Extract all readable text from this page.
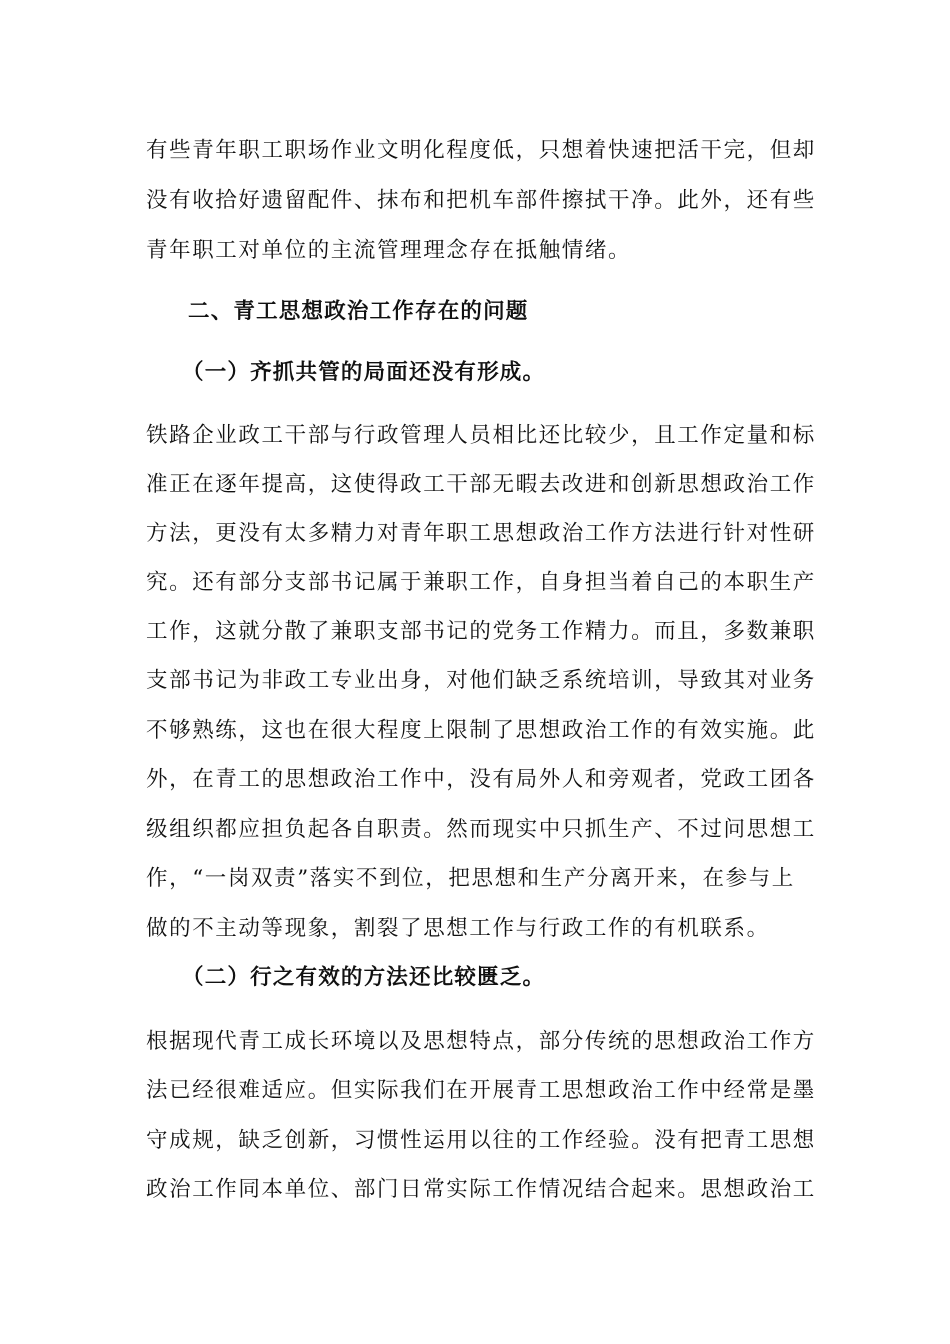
有些青年职工职场作业文明化程度低，只想着快速把活干完，但却
没有收拾好遗留配件、抹布和把机车部件擦拭干净。此外，还有些
青年职工对单位的主流管理理念存在抵触情绪。
二、青工思想政治工作存在的问题
（一）齐抓共管的局面还没有形成。
铁路企业政工干部与行政管理人员相比还比较少，且工作定量和标
准正在逐年提高，这使得政工干部无暇去改进和创新思想政治工作
方法，更没有太多精力对青年职工思想政治工作方法进行针对性研
究。还有部分支部书记属于兼职工作，自身担当着自己的本职生产
工作，这就分散了兼职支部书记的党务工作精力。而且，多数兼职
支部书记为非政工专业出身，对他们缺乏系统培训，导致其对业务
不够熟练，这也在很大程度上限制了思想政治工作的有效实施。此
外，在青工的思想政治工作中，没有局外人和旁观者，党政工团各
级组织都应担负起各自职责。然而现实中只抓生产、不过问思想工
作，“一岗双责”落实不到位，把思想和生产分离开来，在参与上
做的不主动等现象，割裂了思想工作与行政工作的有机联系。
（二）行之有效的方法还比较匮乏。
根据现代青工成长环境以及思想特点，部分传统的思想政治工作方
法已经很难适应。但实际我们在开展青工思想政治工作中经常是墨
守成规，缺乏创新，习惯性运用以往的工作经验。没有把青工思想
政治工作同本单位、部门日常实际工作情况结合起来。思想政治工
